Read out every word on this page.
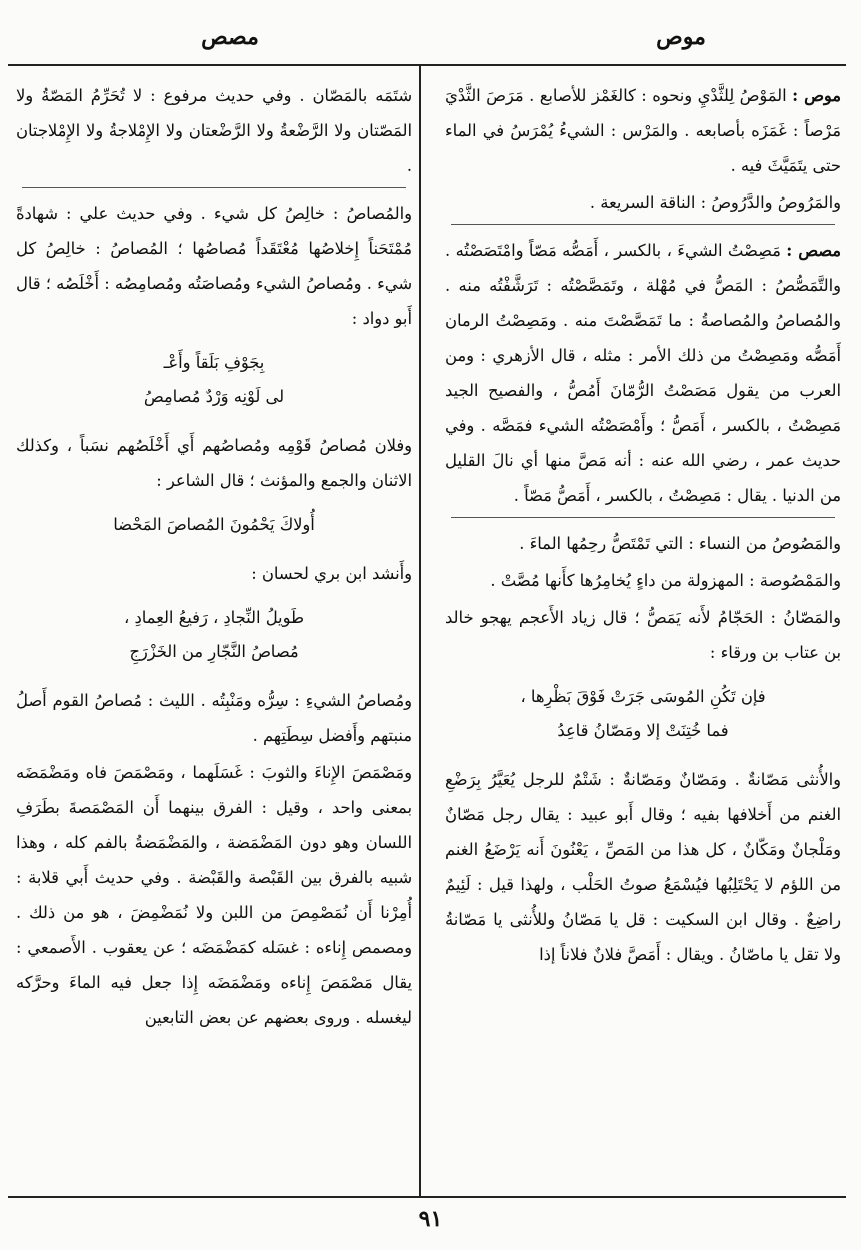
موص
مصص

موص : المَوْصُ لِلثَّدْيِ ونحوه : كالغَمْز للأصابع . مَرَصَ الثَّدْيَ مَرْصاً : غَمَزَه بأصابعه . والمَرْس : الشيءُ يُمْرَسُ في الماء حتى يتَمَيَّثَ فيه .

والمَرُوصُ والدَّرُوصُ : الناقة السريعة .

مصص : مَصِصْتُ الشيءَ ، بالكسر ، أَمَصُّه مَصّاً وامْتَصَصْتُه . والتَّمَصُّصُ : المَصُّ في مُهْلة ، وتَمَصَّصْتُه : تَرَشَّفْتُه منه . والمُصاصُ والمُصاصةُ : ما تَمَصَّصْتَ منه . ومَصِصْتُ الرمان أَمَصُّه ومَصِصْتُ من ذلك الأمر : مثله ، قال الأزهري : ومن العرب من يقول مَصَصْتُ الرُّمّانَ أَمُصُّ ، والفصيح الجيد مَصِصْتُ ، بالكسر ، أَمَصُّ ؛ وأَمْصَصْتُه الشيء فمَصَّه . وفي حديث عمر ، رضي الله عنه : أنه مَصَّ منها أي نالَ القليل من الدنيا . يقال : مَصِصْتُ ، بالكسر ، أَمَصُّ مَصّاً .

والمَصُوصُ من النساء : التي تَمْتَصُّ رحِمُها الماءَ .

والمَمْصُوصة : المهزولة من داءٍ يُخامِرُها كأَنها مُصَّتْ .

والمَصّانُ : الحَجّامُ لأَنه يَمَصُّ ؛ قال زياد الأَعجم يهجو خالد بن عتاب بن ورقاء :

فإن تَكُنِ المُوسَى جَرَتْ فَوْقَ بَظْرِها ،
فما خُتِنَتْ إلا ومَصّانُ قاعِدُ

والأُنثى مَصّانةٌ . ومَصّانٌ ومَصّانةٌ : شَتْمٌ للرجل يُعَيَّرُ بِرَضْعِ الغنم من أَخلافها بفيه ؛ وقال أَبو عبيد : يقال رجل مَصّانٌ ومَلْجانٌ ومَكّانٌ ، كل هذا من المَصِّ ، يَعْنُونَ أَنه يَرْضَعُ الغنم من اللؤم لا يَحْتَلِبُها فيُسْمَعُ صوتُ الحَلْب ، ولهذا قيل : لَئِيمٌ راضِعٌ . وقال ابن السكيت : قل يا مَصّانُ وللأُنثى يا مَصّانةُ ولا تقل يا ماصّانُ . ويقال : أَمَصَّ فلانٌ فلاناً إذا

شتَمَه بالمَصّان . وفي حديث مرفوع : لا تُحَرِّمُ المَصّةُ ولا المَصّتان ولا الرَّضْعةُ ولا الرَّضْعتان ولا الإِمْلاجةُ ولا الإِمْلاجتان .

والمُصاصُ : خالِصُ كل شيء . وفي حديث علي : شهادةً مُمْتَحَناً إِخلاصُها مُعْتَقَداً مُصاصُها ؛ المُصاصُ : خالِصُ كل شيء . ومُصاصُ الشيء ومُصاصَتُه ومُصامِصُه : أَخْلَصُه ؛ قال أَبو دواد :

بِجَوْفِ بَلَقاً وأَعْـ
لى لَوْنِه وَرْدٌ مُصامِصُ

وفلان مُصاصُ قَوْمِه ومُصاصُهم أَي أَخْلَصُهم نسَباً ، وكذلك الاثنان والجمع والمؤنث ؛ قال الشاعر :

أُولاكَ يَحْمُونَ المُصاصَ المَحْضا

وأَنشد ابن بري لحسان :

طَويلُ النِّجادِ ، رَفيعُ العِمادِ ،
مُصاصُ النَّجّارِ من الخَزْرَجِ

ومُصاصُ الشيءِ : سِرُّه ومَنْبِتُه . الليث : مُصاصُ القوم أَصلُ منبتهم وأَفضل سِطَتِهم .

ومَصْمَصَ الإِناءَ والثوبَ : غَسَلَهما ، ومَصْمَصَ فاه ومَضْمَضَه بمعنى واحد ، وقيل : الفرق بينهما أَن المَصْمَصةَ بطَرَفِ اللسان وهو دون المَضْمَضة ، والمَضْمَضةُ بالفم كله ، وهذا شبيه بالفرق بين القَبْصة والقَبْضة . وفي حديث أَبي قلابة : أُمِرْنا أَن نُمَصْمِصَ من اللبن ولا نُمَضْمِضَ ، هو من ذلك . ومصمص إِناءه : غسَله كمَضْمَضَه ؛ عن يعقوب . الأَصمعي : يقال مَصْمَصَ إِناءه ومَضْمَضَه إِذا جعل فيه الماءَ وحرَّكه ليغسله . وروى بعضهم عن بعض التابعين

٩١
